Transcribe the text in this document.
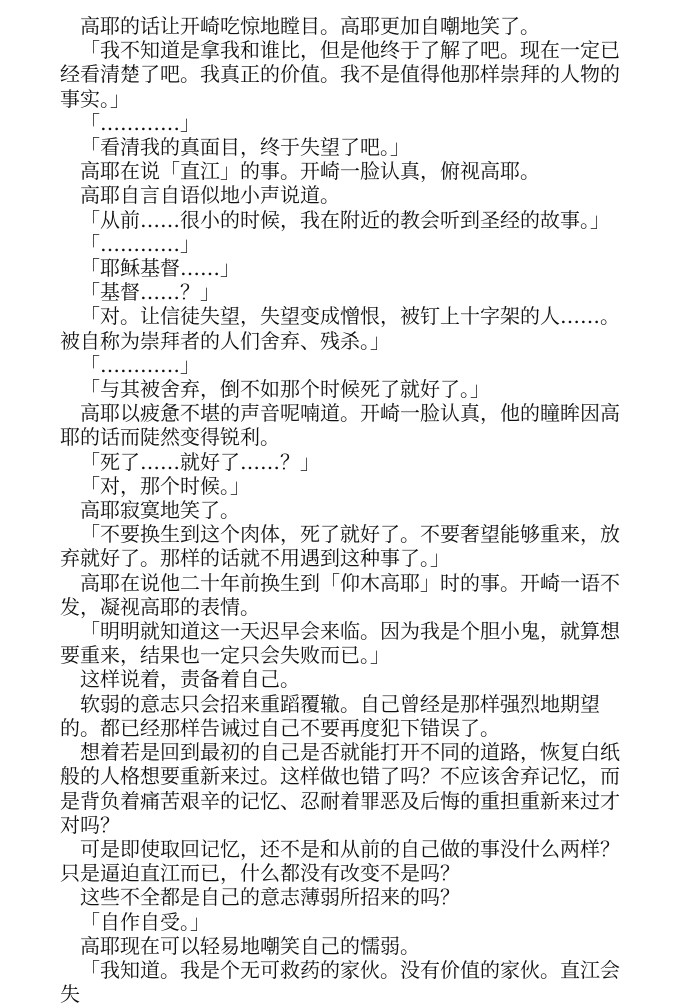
高耶的话让开崎吃惊地瞠目。高耶更加自嘲地笑了。

「我不知道是拿我和谁比，但是他终于了解了吧。现在一定已经看清楚了吧。我真正的价值。我不是值得他那样崇拜的人物的事实。」

「…………」

「看清我的真面目，终于失望了吧。」

高耶在说「直江」的事。开崎一脸认真，俯视高耶。

高耶自言自语似地小声说道。

「从前……很小的时候，我在附近的教会听到圣经的故事。」

「…………」

「耶稣基督……」

「基督……？」

「对。让信徒失望，失望变成憎恨，被钉上十字架的人……。被自称为崇拜者的人们舍弃、残杀。」

「…………」

「与其被舍弃，倒不如那个时候死了就好了。」

高耶以疲惫不堪的声音呢喃道。开崎一脸认真，他的瞳眸因高耶的话而陡然变得锐利。

「死了……就好了……？」

「对，那个时候。」

高耶寂寞地笑了。

「不要换生到这个肉体，死了就好了。不要奢望能够重来，放弃就好了。那样的话就不用遇到这种事了。」

高耶在说他二十年前换生到「仰木高耶」时的事。开崎一语不发，凝视高耶的表情。

「明明就知道这一天迟早会来临。因为我是个胆小鬼，就算想要重来，结果也一定只会失败而已。」

这样说着，责备着自己。

软弱的意志只会招来重蹈覆辙。自己曾经是那样强烈地期望的。都已经那样告诫过自己不要再度犯下错误了。

想着若是回到最初的自己是否就能打开不同的道路，恢复白纸般的人格想要重新来过。这样做也错了吗？不应该舍弃记忆，而是背负着痛苦艰辛的记忆、忍耐着罪恶及后悔的重担重新来过才对吗？

可是即使取回记忆，还不是和从前的自己做的事没什么两样？只是逼迫直江而已，什么都没有改变不是吗？

这些不全都是自己的意志薄弱所招来的吗？

「自作自受。」

高耶现在可以轻易地嘲笑自己的懦弱。

「我知道。我是个无可救药的家伙。没有价值的家伙。直江会失
